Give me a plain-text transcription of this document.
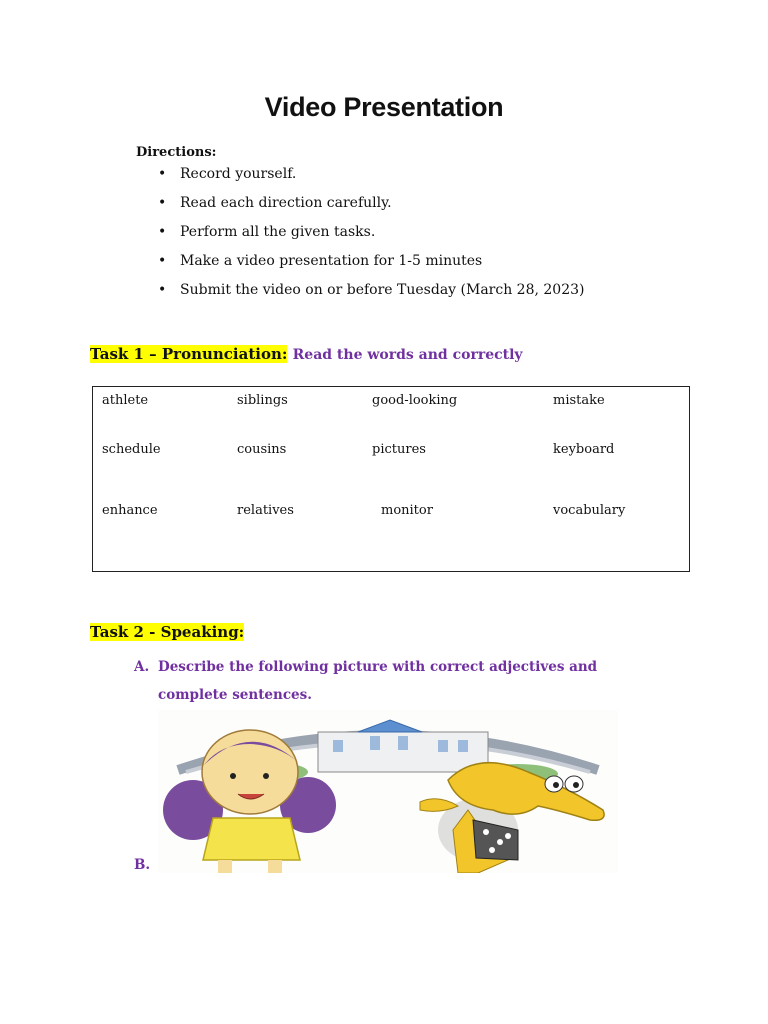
Video Presentation
Directions:
• Record yourself.
• Read each direction carefully.
• Perform all the given tasks.
• Make a video presentation for 1-5 minutes
• Submit the video on or before Tuesday (March 28, 2023)
Task 1 – Pronunciation: Read the words and correctly
athlete	siblings	good-looking	mistake
schedule	cousins	pictures	keyboard
enhance	relatives	monitor	vocabulary
Task 2 - Speaking:
A. Describe the following picture with correct adjectives and complete sentences.
B.
